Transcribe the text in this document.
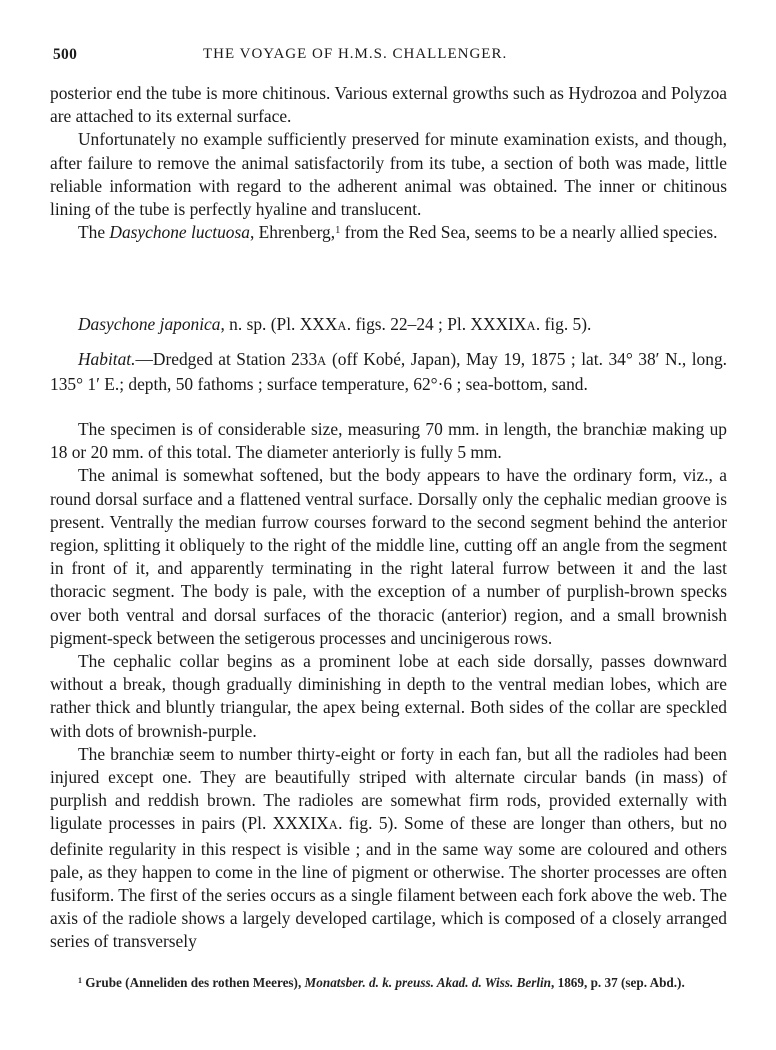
500	THE VOYAGE OF H.M.S. CHALLENGER.

posterior end the tube is more chitinous. Various external growths such as Hydrozoa and Polyzoa are attached to its external surface.

Unfortunately no example sufficiently preserved for minute examination exists, and though, after failure to remove the animal satisfactorily from its tube, a section of both was made, little reliable information with regard to the adherent animal was obtained. The inner or chitinous lining of the tube is perfectly hyaline and translucent.

The Dasychone luctuosa, Ehrenberg,$^1$ from the Red Sea, seems to be a nearly allied species.

Dasychone japonica, n. sp. (Pl. XXXA. figs. 22–24 ; Pl. XXXIXA. fig. 5).

Habitat.—Dredged at Station 233A (off Kobé, Japan), May 19, 1875 ; lat. 34° 38′ N., long. 135° 1′ E.; depth, 50 fathoms ; surface temperature, 62°·6 ; sea-bottom, sand.

The specimen is of considerable size, measuring 70 mm. in length, the branchiæ making up 18 or 20 mm. of this total. The diameter anteriorly is fully 5 mm.

The animal is somewhat softened, but the body appears to have the ordinary form, viz., a round dorsal surface and a flattened ventral surface. Dorsally only the cephalic median groove is present. Ventrally the median furrow courses forward to the second segment behind the anterior region, splitting it obliquely to the right of the middle line, cutting off an angle from the segment in front of it, and apparently terminating in the right lateral furrow between it and the last thoracic segment. The body is pale, with the exception of a number of purplish-brown specks over both ventral and dorsal surfaces of the thoracic (anterior) region, and a small brownish pigment-speck between the setigerous processes and uncinigerous rows.

The cephalic collar begins as a prominent lobe at each side dorsally, passes downward without a break, though gradually diminishing in depth to the ventral median lobes, which are rather thick and bluntly triangular, the apex being external. Both sides of the collar are speckled with dots of brownish-purple.

The branchiæ seem to number thirty-eight or forty in each fan, but all the radioles had been injured except one. They are beautifully striped with alternate circular bands (in mass) of purplish and reddish brown. The radioles are somewhat firm rods, provided externally with ligulate processes in pairs (Pl. XXXIXA. fig. 5). Some of these are longer than others, but no definite regularity in this respect is visible ; and in the same way some are coloured and others pale, as they happen to come in the line of pigment or otherwise. The shorter processes are often fusiform. The first of the series occurs as a single filament between each fork above the web. The axis of the radiole shows a largely developed cartilage, which is composed of a closely arranged series of transversely

$^1$ Grube (Anneliden des rothen Meeres), Monatsber. d. k. preuss. Akad. d. Wiss. Berlin, 1869, p. 37 (sep. Abd.).
